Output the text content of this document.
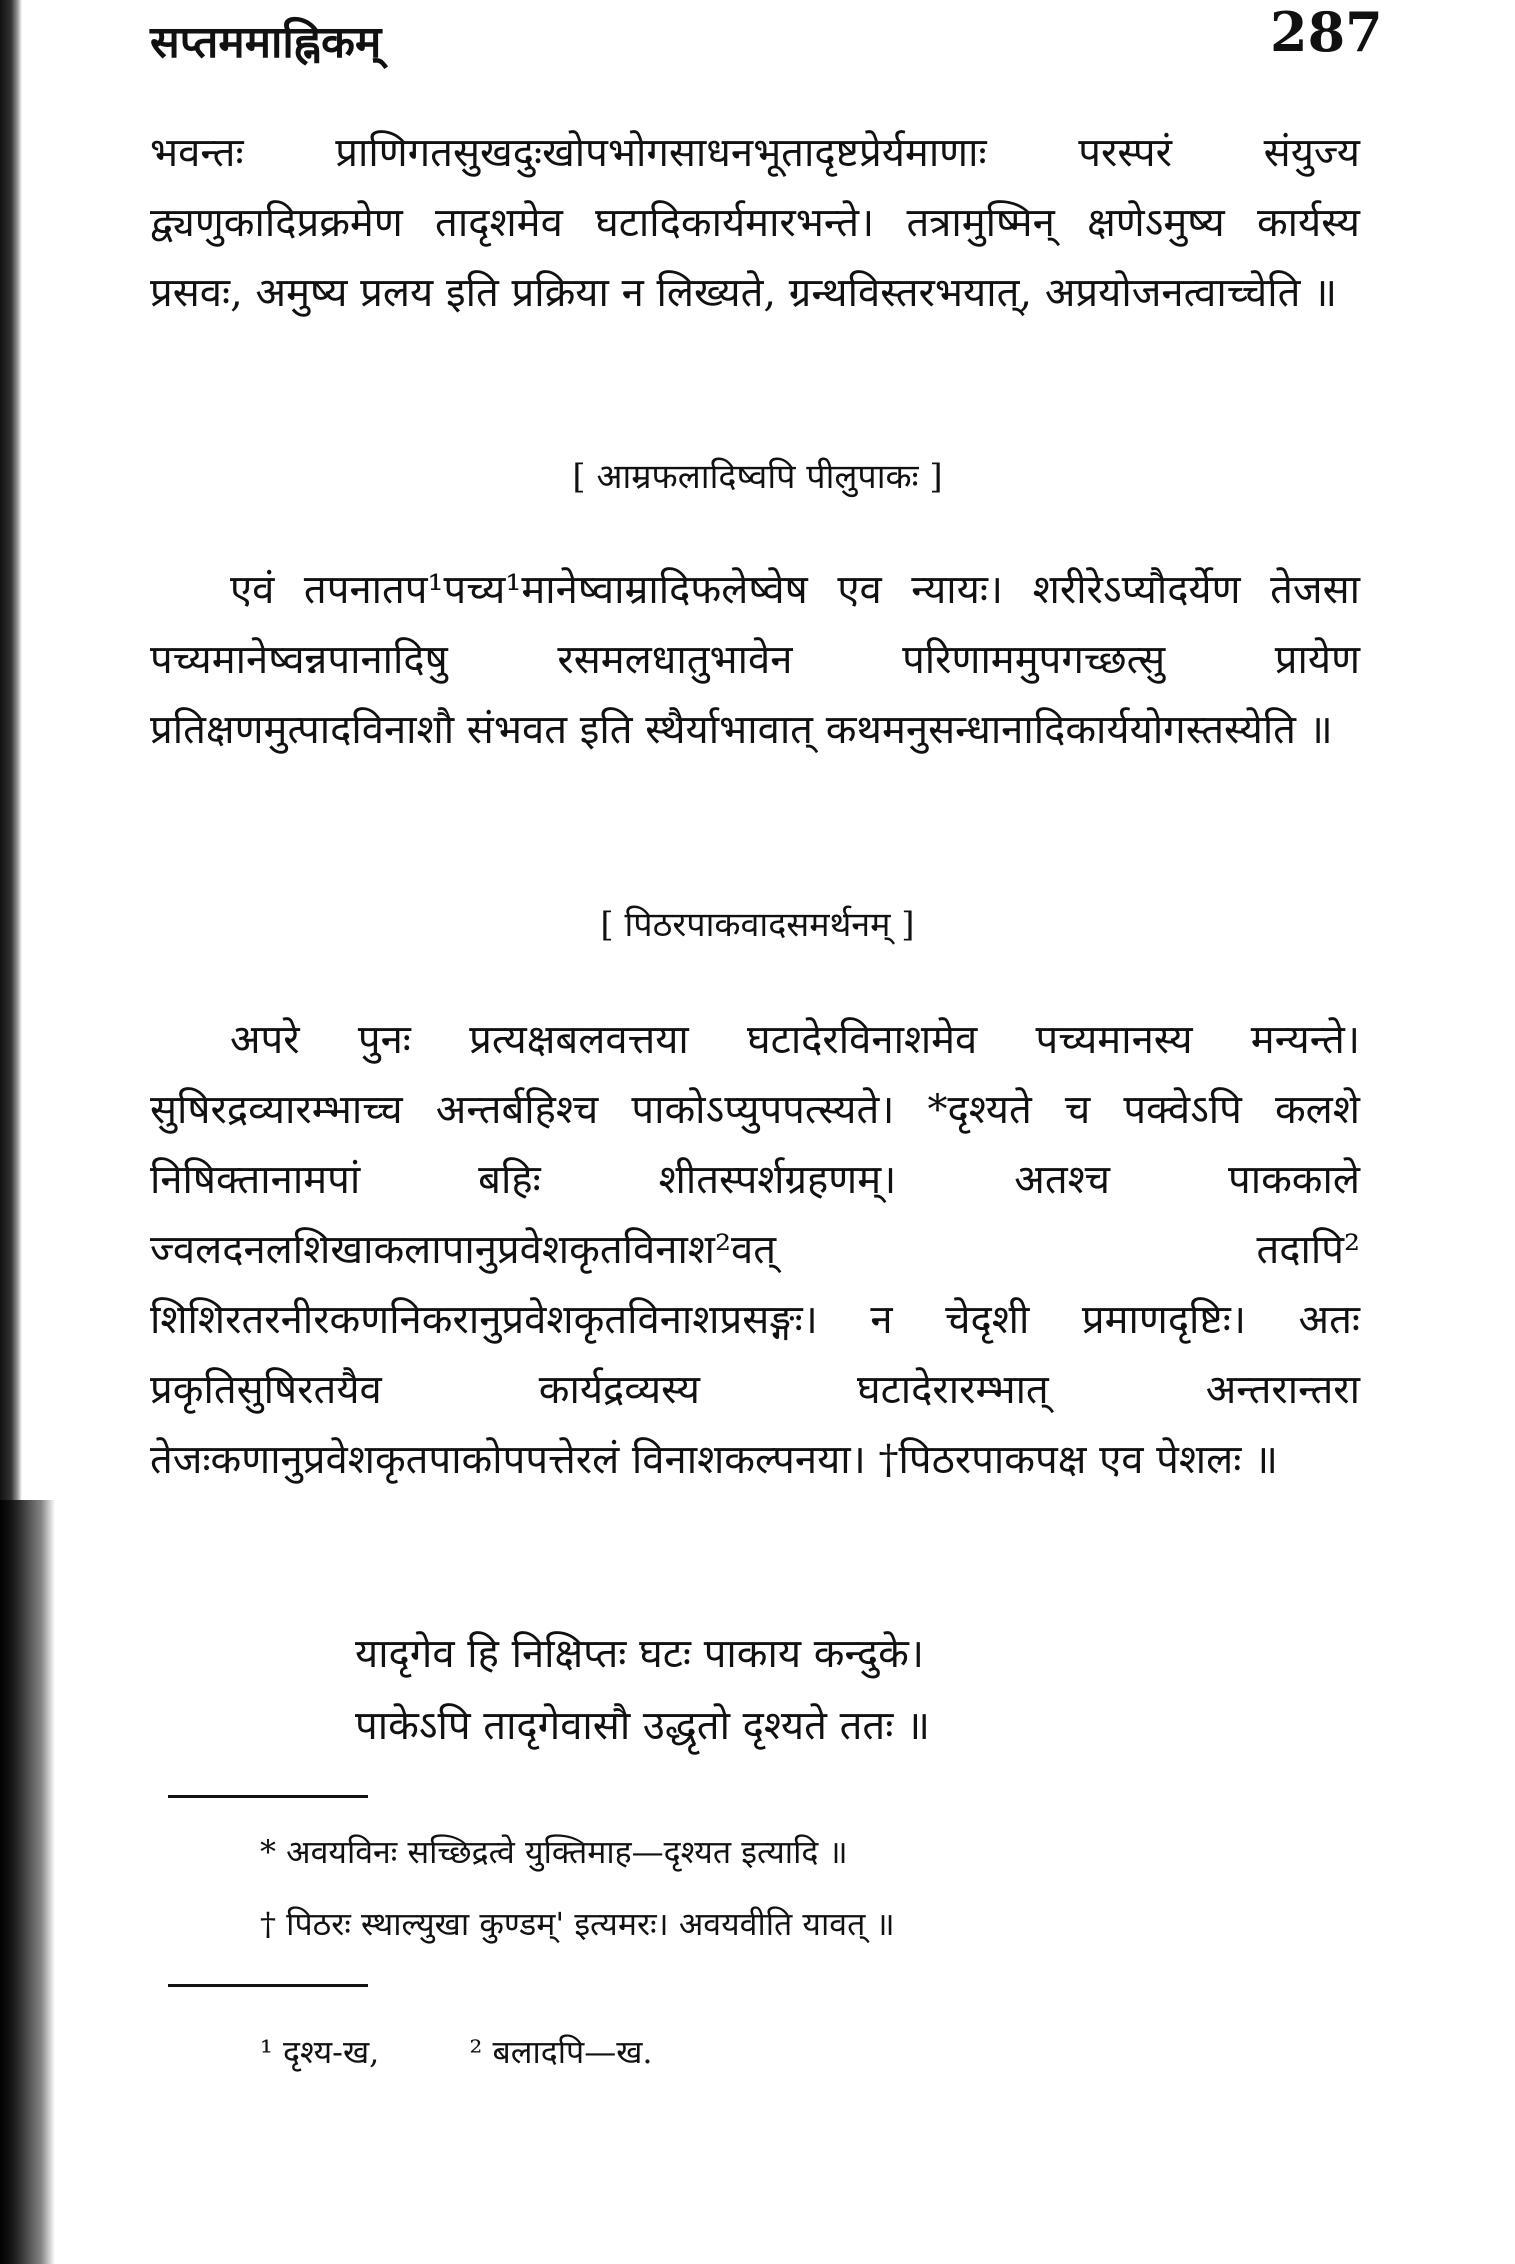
सप्तममाह्निकम्	287
भवन्तः प्राणिगतसुखदुःखोपभोगसाधनभूतादृष्टप्रेर्यमाणाः परस्परं संयुज्य द्व्यणुकादिप्रक्रमेण तादृशमेव घटादिकार्यमारभन्ते। तत्रामुष्मिन् क्षणेऽमुष्य कार्यस्य प्रसवः, अमुष्य प्रलय इति प्रक्रिया न लिख्यते, ग्रन्थविस्तरभयात्, अप्रयोजनत्वाच्चेति ॥
[ आम्रफलादिष्वपि पीलुपाकः ]
एवं तपनातप¹पच्य¹मानेष्वाम्रादिफलेष्वेष एव न्यायः। शरीरेऽप्यौदर्येण तेजसा पच्यमानेष्वन्नपानादिषु रसमलधातुभावेन परिणाममुपगच्छत्सु प्रायेण प्रतिक्षणमुत्पादविनाशौ संभवत इति स्थैर्याभावात् कथमनुसन्धानादिकार्ययोगस्तस्येति ॥
[ पिठरपाकवादसमर्थनम् ]
अपरे पुनः प्रत्यक्षबलवत्तया घटादेरविनाशमेव पच्यमानस्य मन्यन्ते। सुषिरद्रव्यारम्भाच्च अन्तर्बहिश्च पाकोऽप्युपपत्स्यते। *दृश्यते च पक्वेऽपि कलशे निषिक्तानामपां बहिः शीतस्पर्शग्रहणम्। अतश्च पाककाले ज्वलदनलशिखाकलापानुप्रवेशकृतविनाश²वत् तदापि² शिशिरतरनीरकणनिकरानुप्रवेशकृतविनाशप्रसङ्गः। न चेदृशी प्रमाणदृष्टिः। अतः प्रकृतिसुषिरतयैव कार्यद्रव्यस्य घटादेरारम्भात् अन्तरान्तरा तेजःकणानुप्रवेशकृतपाकोपपत्तेरलं विनाशकल्पनया। †पिठरपाकपक्ष एव पेशलः ॥
यादृगेव हि निक्षिप्तः घटः पाकाय कन्दुके।
पाकेऽपि तादृगेवासौ उद्धृतो दृश्यते ततः ॥
* अवयविनः सच्छिद्रत्वे युक्तिमाह—दृश्यत इत्यादि ॥
† पिठरः स्थाल्युखा कुण्डम्' इत्यमरः। अवयवीति यावत् ॥
¹ दृश्य-ख,	² बलादपि—ख.
